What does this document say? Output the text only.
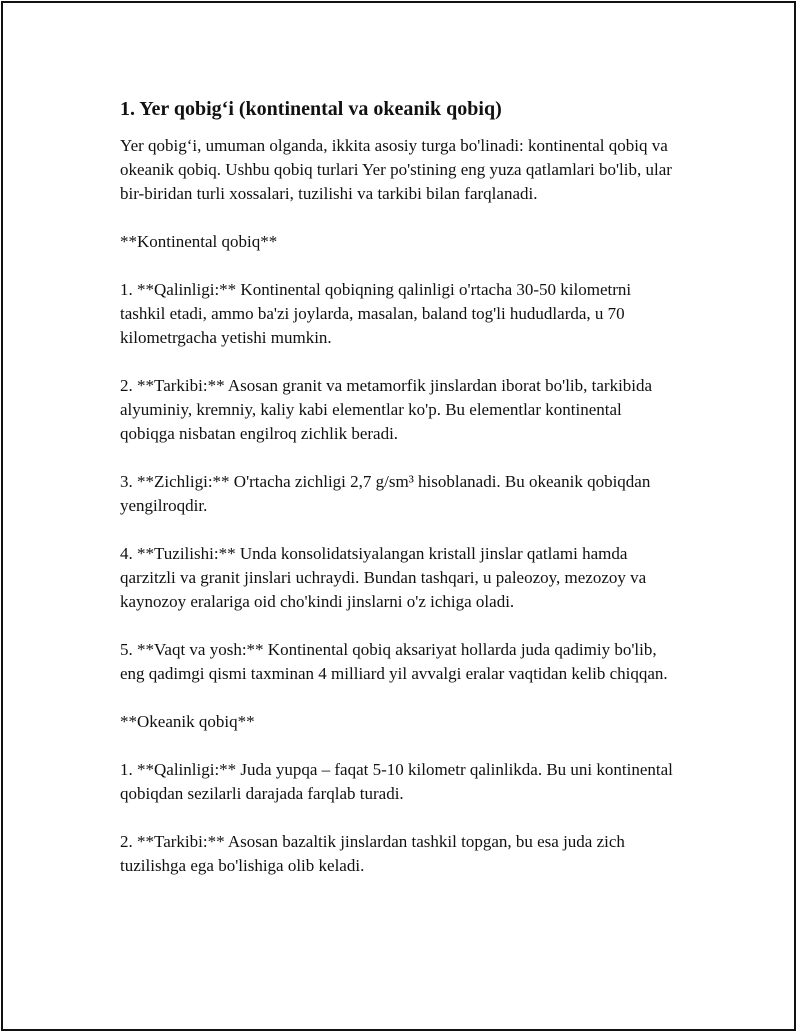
1. Yer qobig‘i (kontinental va okeanik qobiq)

Yer qobig‘i, umuman olganda, ikkita asosiy turga bo'linadi: kontinental qobiq va okeanik qobiq. Ushbu qobiq turlari Yer po'stining eng yuza qatlamlari bo'lib, ular bir-biridan turli xossalari, tuzilishi va tarkibi bilan farqlanadi.

**Kontinental qobiq**

1. **Qalinligi:** Kontinental qobiqning qalinligi o'rtacha 30-50 kilometrni tashkil etadi, ammo ba'zi joylarda, masalan, baland tog'li hududlarda, u 70 kilometrgacha yetishi mumkin.

2. **Tarkibi:** Asosan granit va metamorfik jinslardan iborat bo'lib, tarkibida alyuminiy, kremniy, kaliy kabi elementlar ko'p. Bu elementlar kontinental qobiqga nisbatan engilroq zichlik beradi.

3. **Zichligi:** O'rtacha zichligi 2,7 g/sm³ hisoblanadi. Bu okeanik qobiqdan yengilroqdir.

4. **Tuzilishi:** Unda konsolidatsiyalangan kristall jinslar qatlami hamda qarzitzli va granit jinslari uchraydi. Bundan tashqari, u paleozoy, mezozoy va kaynozoy eralariga oid cho'kindi jinslarni o'z ichiga oladi.

5. **Vaqt va yosh:** Kontinental qobiq aksariyat hollarda juda qadimiy bo'lib, eng qadimgi qismi taxminan 4 milliard yil avvalgi eralar vaqtidan kelib chiqqan.

**Okeanik qobiq**

1. **Qalinligi:** Juda yupqa – faqat 5-10 kilometr qalinlikda. Bu uni kontinental qobiqdan sezilarli darajada farqlab turadi.

2. **Tarkibi:** Asosan bazaltik jinslardan tashkil topgan, bu esa juda zich tuzilishga ega bo'lishiga olib keladi.
